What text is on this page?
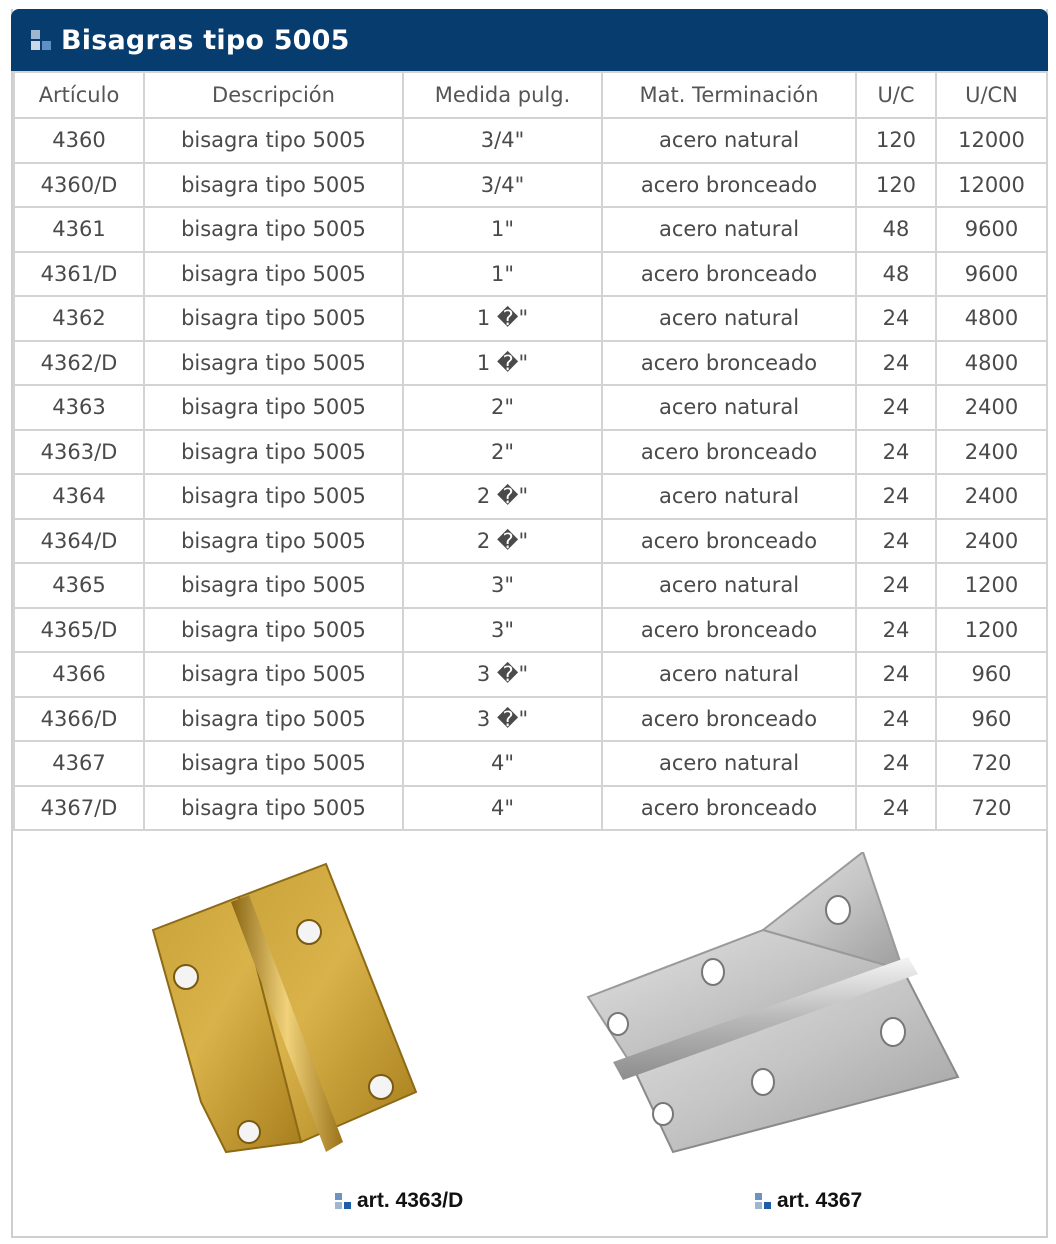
Bisagras tipo 5005
Artículo	Descripción	Medida pulg.	Mat. Terminación	U/C	U/CN
4360	bisagra tipo 5005	3/4"	acero natural	120	12000
4360/D	bisagra tipo 5005	3/4"	acero bronceado	120	12000
4361	bisagra tipo 5005	1"	acero natural	48	9600
4361/D	bisagra tipo 5005	1"	acero bronceado	48	9600
4362	bisagra tipo 5005	1 �"	acero natural	24	4800
4362/D	bisagra tipo 5005	1 �"	acero bronceado	24	4800
4363	bisagra tipo 5005	2"	acero natural	24	2400
4363/D	bisagra tipo 5005	2"	acero bronceado	24	2400
4364	bisagra tipo 5005	2 �"	acero natural	24	2400
4364/D	bisagra tipo 5005	2 �"	acero bronceado	24	2400
4365	bisagra tipo 5005	3"	acero natural	24	1200
4365/D	bisagra tipo 5005	3"	acero bronceado	24	1200
4366	bisagra tipo 5005	3 �"	acero natural	24	960
4366/D	bisagra tipo 5005	3 �"	acero bronceado	24	960
4367	bisagra tipo 5005	4"	acero natural	24	720
4367/D	bisagra tipo 5005	4"	acero bronceado	24	720
art. 4363/D	art. 4367
